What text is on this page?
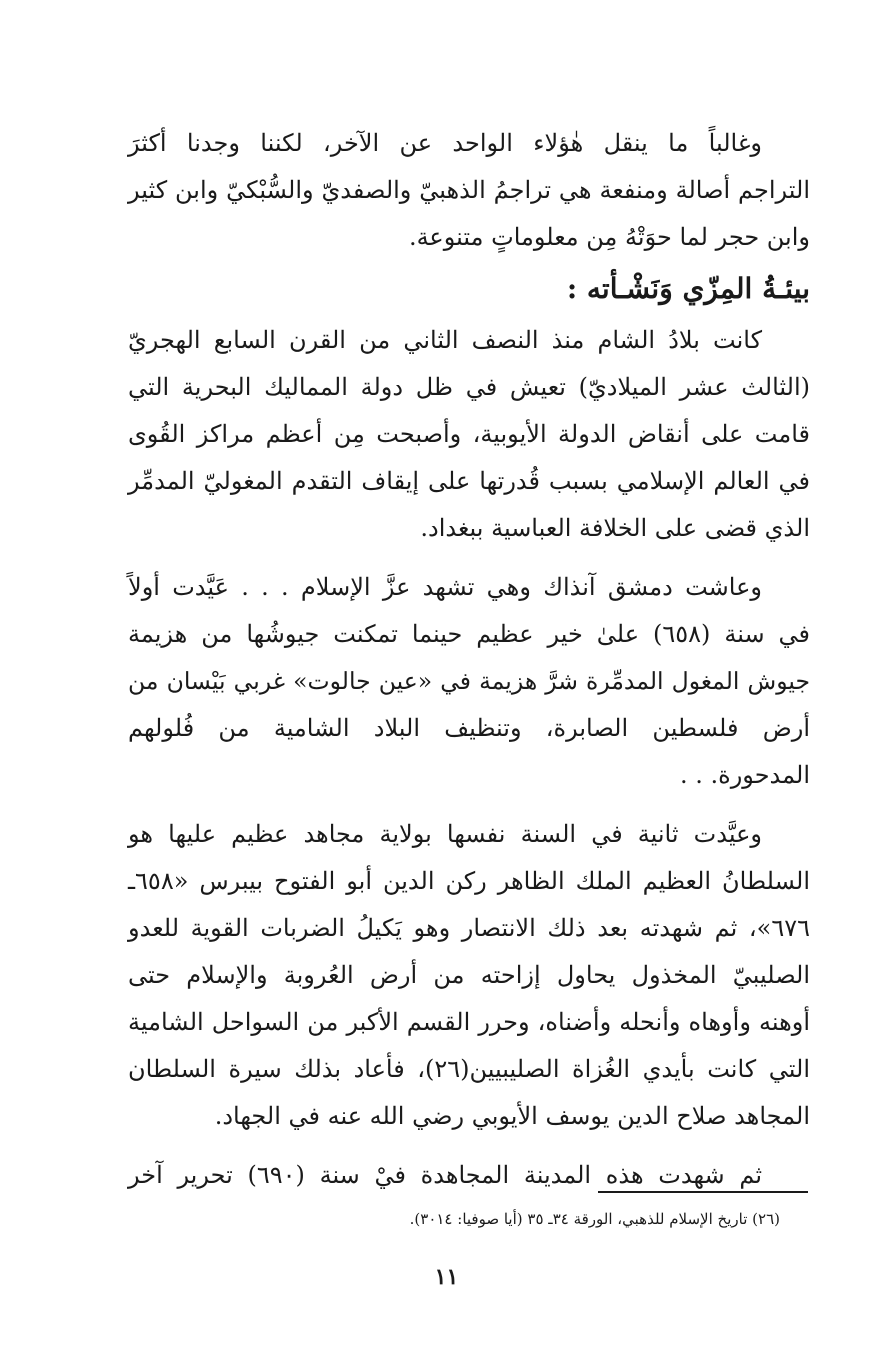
وغالباً ما ينقل هٰؤلاء الواحد عن الآخر، لكننا وجدنا أكثرَ
التراجم أصالة ومنفعة هي تراجمُ الذهبيّ والصفديّ والسُّبْكيّ وابن كثير
وابن حجر لما حوَتْهُ مِن معلوماتٍ متنوعة.
بيئـةُ المِزّي وَنَشْـأته :
كانت بلادُ الشام منذ النصف الثاني من القرن السابع الهجريّ
(الثالث عشر الميلاديّ) تعيش في ظل دولة المماليك البحرية التي
قامت على أنقاض الدولة الأيوبية، وأصبحت مِن أعظم مراكز القُوى
في العالم الإسلامي بسبب قُدرتها على إيقاف التقدم المغوليّ المدمِّر
الذي قضى على الخلافة العباسية ببغداد.
وعاشت دمشق آنذاك وهي تشهد عزَّ الإسلام . . . عَيَّدت أولاً
في سنة (٦٥٨) علىٰ خير عظيم حينما تمكنت جيوشُها من هزيمة
جيوش المغول المدمِّرة شرَّ هزيمة في «عين جالوت» غربي بَيْسان من
أرض فلسطين الصابرة، وتنظيف البلاد الشامية من فُلولهم
المدحورة. . .
وعيَّدت ثانية في السنة نفسها بولاية مجاهد عظيم عليها هو
السلطانُ العظيم الملك الظاهر ركن الدين أبو الفتوح بيبرس «٦٥٨ـ
٦٧٦»، ثم شهدته بعد ذلك الانتصار وهو يَكيلُ الضربات القوية للعدو
الصليبيّ المخذول يحاول إزاحته من أرض العُروبة والإسلام حتى
أوهنه وأوهاه وأنحله وأضناه، وحرر القسم الأكبر من السواحل الشامية
التي كانت بأيدي الغُزاة الصليبيين(٢٦)، فأعاد بذلك سيرة السلطان
المجاهد صلاح الدين يوسف الأيوبي رضي الله عنه في الجهاد.
ثم شهدت هذه المدينة المجاهدة فيْ سنة (٦٩٠) تحرير آخر
(٢٦) تاريخ الإسلام للذهبي، الورقة ٣٤ـ ٣٥ (أيا صوفيا: ٣٠١٤).
١١
